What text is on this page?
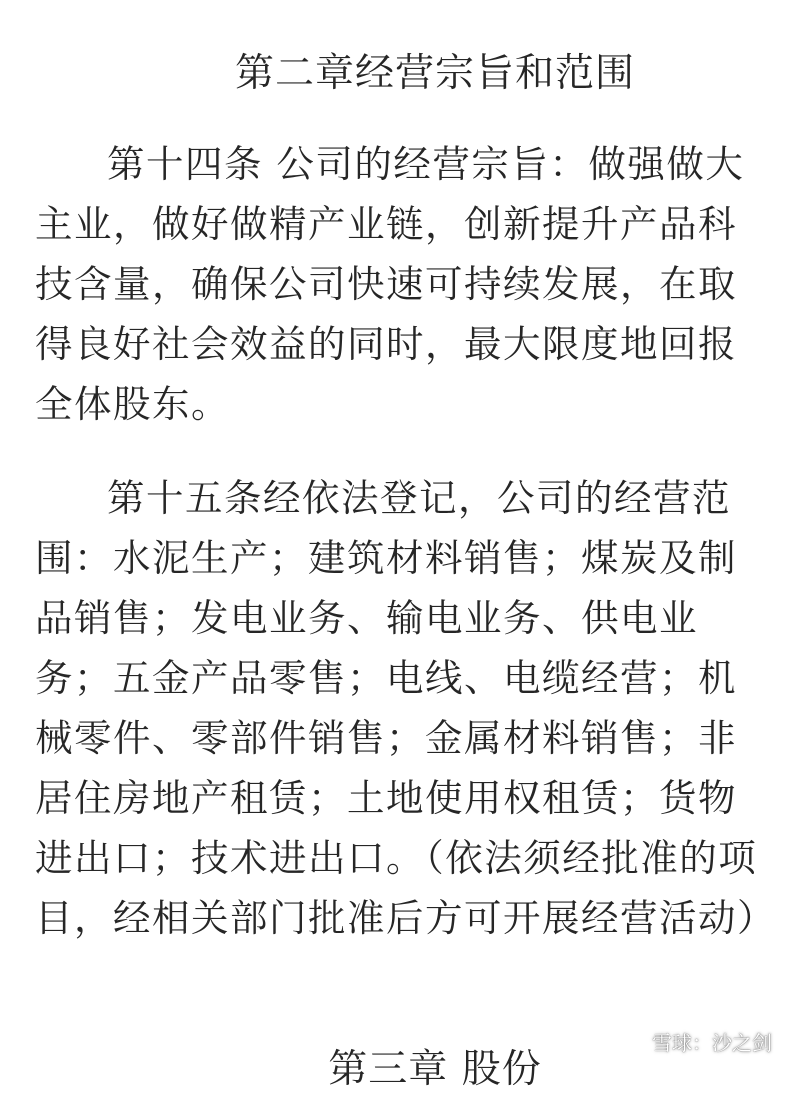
第二章经营宗旨和范围

第十四条 公司的经营宗旨：做强做大主业，做好做精产业链，创新提升产品科技含量，确保公司快速可持续发展，在取得良好社会效益的同时，最大限度地回报全体股东。

第十五条经依法登记，公司的经营范围：水泥生产；建筑材料销售；煤炭及制品销售；发电业务、输电业务、供电业务；五金产品零售；电线、电缆经营；机械零件、零部件销售；金属材料销售；非居住房地产租赁；土地使用权租赁；货物进出口；技术进出口。（依法须经批准的项目，经相关部门批准后方可开展经营活动）

第三章 股份
雪球：沙之剑
